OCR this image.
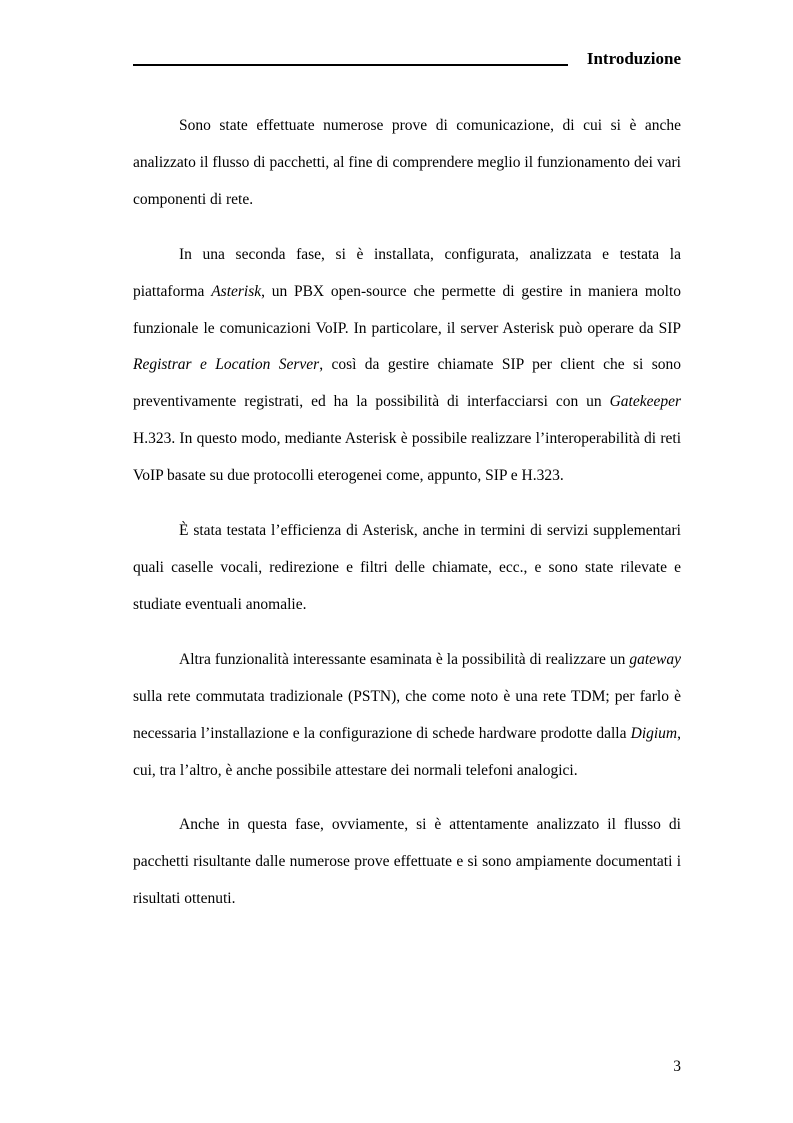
Introduzione

Sono state effettuate numerose prove di comunicazione, di cui si è anche analizzato il flusso di pacchetti, al fine di comprendere meglio il funzionamento dei vari componenti di rete.

In una seconda fase, si è installata, configurata, analizzata e testata la piattaforma Asterisk, un PBX open-source che permette di gestire in maniera molto funzionale le comunicazioni VoIP. In particolare, il server Asterisk può operare da SIP Registrar e Location Server, così da gestire chiamate SIP per client che si sono preventivamente registrati, ed ha la possibilità di interfacciarsi con un Gatekeeper H.323. In questo modo, mediante Asterisk è possibile realizzare l’interoperabilità di reti VoIP basate su due protocolli eterogenei come, appunto, SIP e H.323.

È stata testata l’efficienza di Asterisk, anche in termini di servizi supplementari quali caselle vocali, redirezione e filtri delle chiamate, ecc., e sono state rilevate e studiate eventuali anomalie.

Altra funzionalità interessante esaminata è la possibilità di realizzare un gateway sulla rete commutata tradizionale (PSTN), che come noto è una rete TDM; per farlo è necessaria l’installazione e la configurazione di schede hardware prodotte dalla Digium, cui, tra l’altro, è anche possibile attestare dei normali telefoni analogici.

Anche in questa fase, ovviamente, si è attentamente analizzato il flusso di pacchetti risultante dalle numerose prove effettuate e si sono ampiamente documentati i risultati ottenuti.

3
